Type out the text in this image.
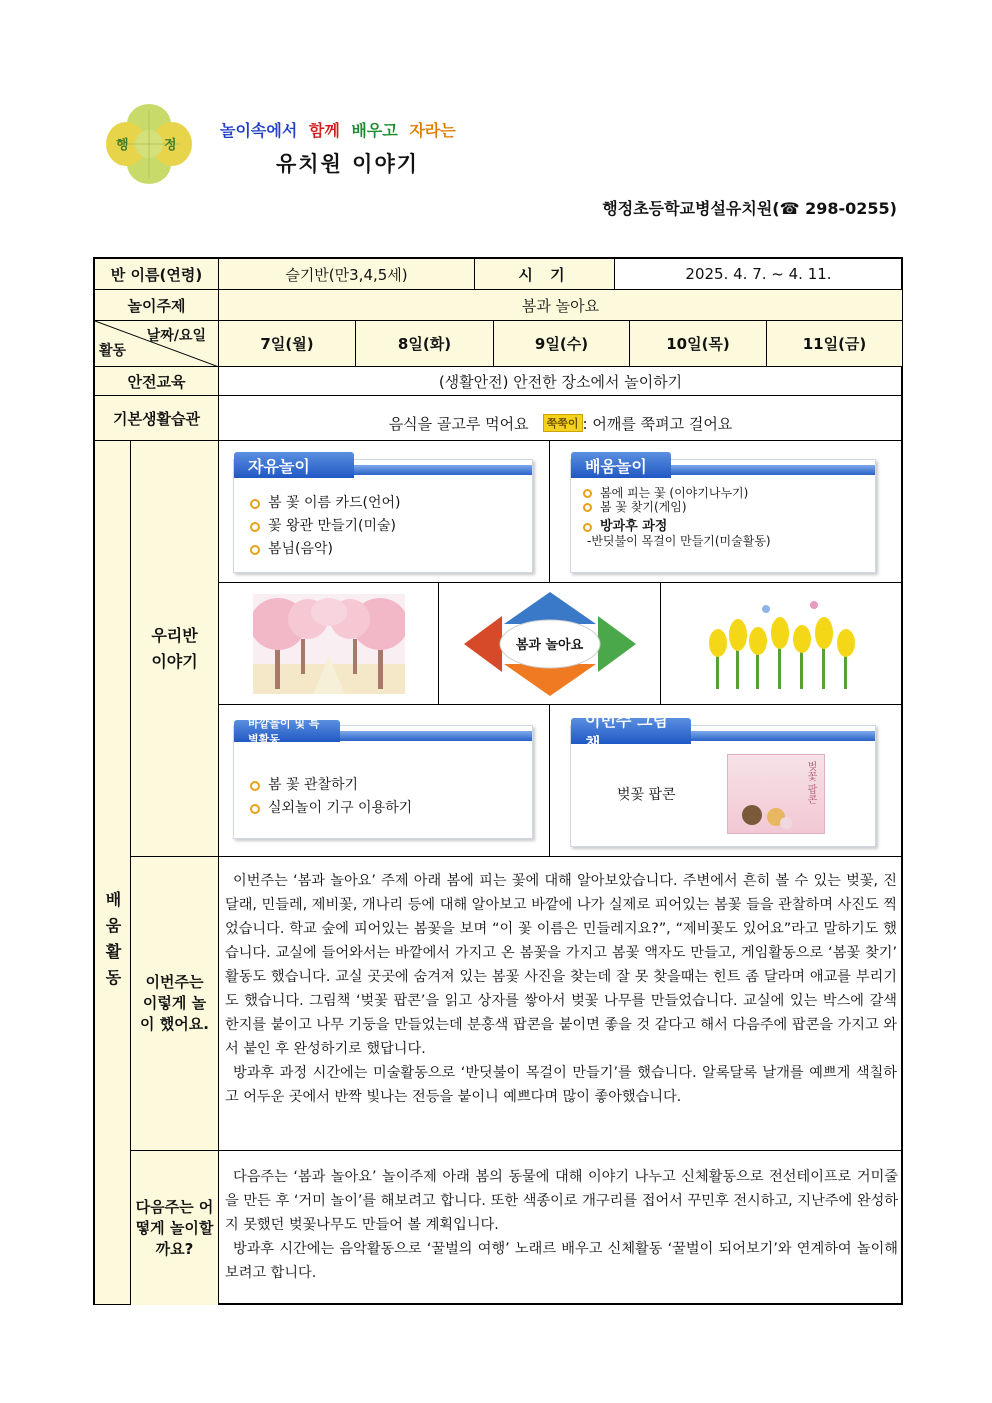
행	정
놀이속에서 함께 배우고 자라는
유치원 이야기
행정초등학교병설유치원(☎ 298-0255)
반 이름(연령)	슬기반(만3,4,5세)	시 기	2025. 4. 7. ~ 4. 11.
놀이주제	봄과 놀아요
날짜/요일
활동	7일(월)	8일(화)	9일(수)	10일(목)	11일(금)
안전교육	(생활안전) 안전한 장소에서 놀이하기
기본생활습관	음식을 골고루 먹어요	쭉쭉이 : 어깨를 쭉펴고 걸어요
배움활동
우리반 이야기
자유놀이
봄 꽃 이름 카드(언어)
꽃 왕관 만들기(미술)
봄님(음악)
배움놀이
봄에 피는 꽃 (이야기나누기)
봄 꽃 찾기(게임)
방과후 과정
-반딧불이 목걸이 만들기(미술활동)
봄과 놀아요
바깥놀이 및 특별활동
봄 꽃 관찰하기
실외놀이 기구 이용하기
이번주 그림책
벚꽃 팝콘	벚꽃 팝콘
이번주는 이렇게 놀이 했어요.

이번주는 ‘봄과 놀아요’ 주제 아래 봄에 피는 꽃에 대해 알아보았습니다. 주변에서 흔히 볼 수 있는 벚꽃, 진달래, 민들레, 제비꽃, 개나리 등에 대해 알아보고 바깥에 나가 실제로 피어있는 봄꽃 들을 관찰하며 사진도 찍었습니다. 학교 숲에 피어있는 봄꽃을 보며 “이 꽃 이름은 민들레지요?”, “제비꽃도 있어요”라고 말하기도 했습니다. 교실에 들어와서는 바깥에서 가지고 온 봄꽃을 가지고 봄꽃 액자도 만들고, 게임활동으로 ‘봄꽃 찾기’ 활동도 했습니다. 교실 곳곳에 숨겨져 있는 봄꽃 사진을 찾는데 잘 못 찾을때는 힌트 좀 달라며 애교를 부리기도 했습니다. 그림책 ‘벚꽃 팝콘’을 읽고 상자를 쌓아서 벚꽃 나무를 만들었습니다. 교실에 있는 박스에 갈색 한지를 붙이고 나무 기둥을 만들었는데 분홍색 팝콘을 붙이면 좋을 것 같다고 해서 다음주에 팝콘을 가지고 와서 붙인 후 완성하기로 했답니다.

방과후 과정 시간에는 미술활동으로 ‘반딧불이 목걸이 만들기’를 했습니다. 알록달록 날개를 예쁘게 색칠하고 어두운 곳에서 반짝 빛나는 전등을 붙이니 예쁘다며 많이 좋아했습니다.

다음주는 어떻게 놀이할까요?

다음주는 ‘봄과 놀아요’ 놀이주제 아래 봄의 동물에 대해 이야기 나누고 신체활동으로 전선테이프로 거미줄을 만든 후 ‘거미 놀이’를 해보려고 합니다. 또한 색종이로 개구리를 접어서 꾸민후 전시하고, 지난주에 완성하지 못했던 벚꽃나무도 만들어 볼 계획입니다.

방과후 시간에는 음악활동으로 ‘꿀벌의 여행’ 노래르 배우고 신체활동 ‘꿀벌이 되어보기’와 연계하여 놀이해보려고 합니다.
